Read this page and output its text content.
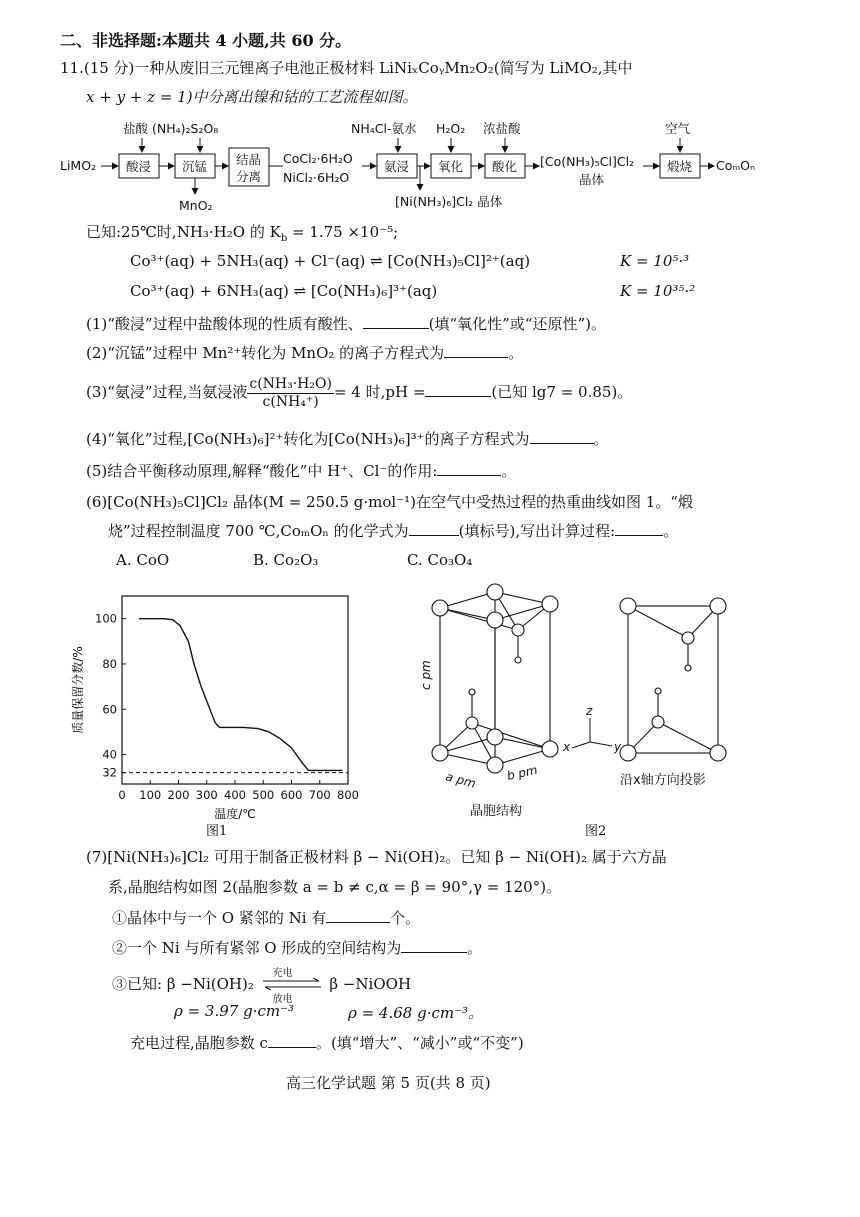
二、非选择题:本题共 4 小题,共 60 分。
11.(15 分)一种从废旧三元锂离子电池正极材料 LiNiₓCoᵧMn₂O₂(简写为 LiMO₂,其中
x + y + z = 1)中分离出镍和钴的工艺流程如图。
LiMO₂
盐酸 (NH₄)₂S₂O₈
酸浸 沉锰
MnO₂
结晶
分离
CoCl₂·6H₂O
NiCl₂·6H₂O
NH₄Cl-氨水
氨浸
H₂O₂
氧化
[Ni(NH₃)₆]Cl₂ 晶体
浓盐酸
酸化 [Co(NH₃)₅Cl]Cl₂
晶体
空气
煅烧 CoₘOₙ
已知:25℃时,NH₃·H₂O 的 $K_b = 1.75 \times 10^{-5}$;
Co³⁺(aq) + 5NH₃(aq) + Cl⁻(aq) ⇌ [Co(NH₃)₅Cl]²⁺(aq)	K = 10⁵·³
Co³⁺(aq) + 6NH₃(aq) ⇌ [Co(NH₃)₆]³⁺(aq)	K = 10³⁵·²
(1)“酸浸”过程中盐酸体现的性质有酸性、	(填“氧化性”或“还原性”)。
(2)“沉锰”过程中 Mn²⁺转化为 MnO₂ 的离子方程式为	。
(3)“氨浸”过程,当氨浸液 $\frac{\text{c(NH₃·H₂O)}}{\text{c(NH₄⁺)}} = 4$ 时,pH =	(已知 lg7 = 0.85)。
(4)“氧化”过程,[Co(NH₃)₆]²⁺转化为[Co(NH₃)₆]³⁺的离子方程式为	。
(5)结合平衡移动原理,解释“酸化”中 H⁺、Cl⁻的作用:	。
(6)[Co(NH₃)₅Cl]Cl₂ 晶体(M = 250.5 g·mol⁻¹)在空气中受热过程的热重曲线如图 1。“煅
烧”过程控制温度 700 ℃,CoₘOₙ 的化学式为	(填标号),写出计算过程:	。
A. CoO	B. Co₂O₃	C. Co₃O₄
0 100 200 300 400 500 600 700 800
40
60
80
100
32
温度/℃
质量保留分数/%
图1
z
y
x
c pm
a pm b pm
晶胞结构
沿x轴方向投影
图2
(7)[Ni(NH₃)₆]Cl₂ 可用于制备正极材料 β − Ni(OH)₂。已知 β − Ni(OH)₂ 属于六方晶
系,晶胞结构如图 2(晶胞参数 a = b ≠ c,α = β = 90°,γ = 120°)。
①晶体中与一个 O 紧邻的 Ni 有	个。
②一个 Ni 与所有紧邻 O 形成的空间结构为	。
③已知: β −Ni(OH)₂
充电
放电
β −NiOOH
ρ = 3.97 g·cm⁻³	ρ = 4.68 g·cm⁻³。
充电过程,晶胞参数 c	。(填“增大”、“减小”或“不变”)
高三化学试题 第 5 页(共 8 页)
